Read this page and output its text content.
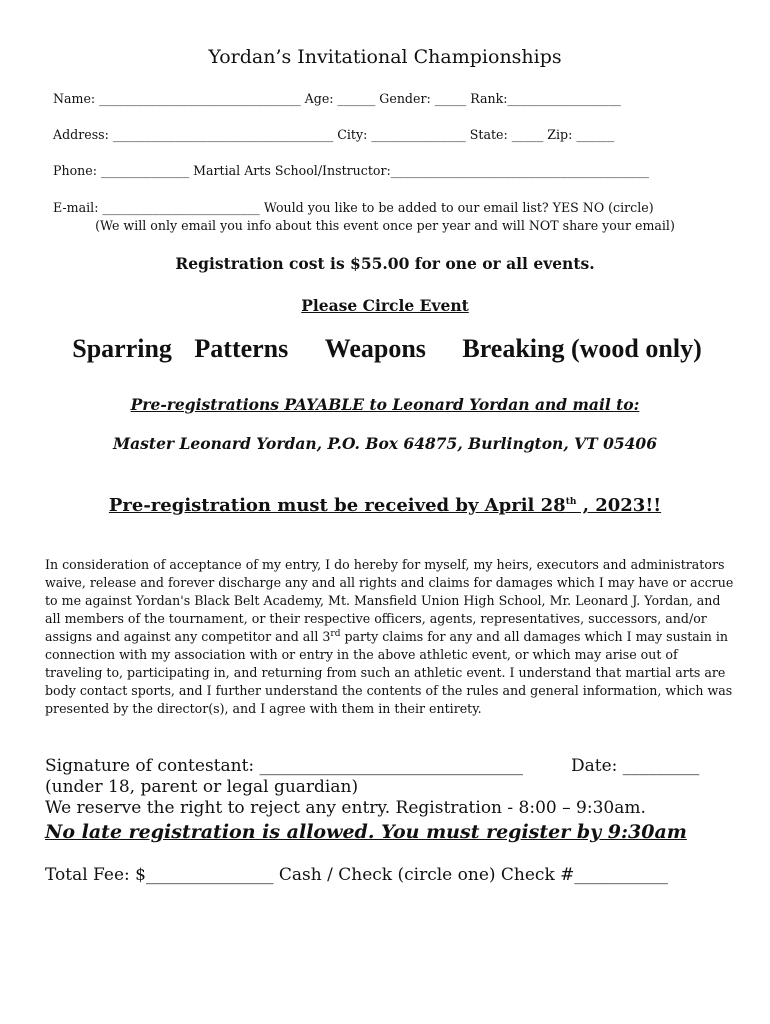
Yordan’s Invitational Championships
Name: ________________________________ Age: ______ Gender: _____ Rank:__________________
Address: ___________________________________ City: _______________ State: _____ Zip: ______
Phone: ______________ Martial Arts School/Instructor:_________________________________________
E-mail: _________________________ Would you like to be added to our email list? YES NO (circle)
(We will only email you info about this event once per year and will NOT share your email)
Registration cost is $55.00 for one or all events.
Please Circle Event
Sparring Patterns Weapons Breaking (wood only)
Pre-registrations PAYABLE to Leonard Yordan and mail to:
Master Leonard Yordan, P.O. Box 64875, Burlington, VT 05406
Pre-registration must be received by April 28th , 2023!!
In consideration of acceptance of my entry, I do hereby for myself, my heirs, executors and administrators waive, release and forever discharge any and all rights and claims for damages which I may have or accrue to me against Yordan's Black Belt Academy, Mt. Mansfield Union High School, Mr. Leonard J. Yordan, and all members of the tournament, or their respective officers, agents, representatives, successors, and/or assigns and against any competitor and all 3rd party claims for any and all damages which I may sustain in connection with my association with or entry in the above athletic event, or which may arise out of traveling to, participating in, and returning from such an athletic event. I understand that martial arts are body contact sports, and I further understand the contents of the rules and general information, which was presented by the director(s), and I agree with them in their entirety.
Signature of contestant: _______________________________	Date: _________
(under 18, parent or legal guardian)
We reserve the right to reject any entry. Registration - 8:00 – 9:30am.
No late registration is allowed. You must register by 9:30am
Total Fee: $_______________ Cash / Check (circle one) Check #___________
